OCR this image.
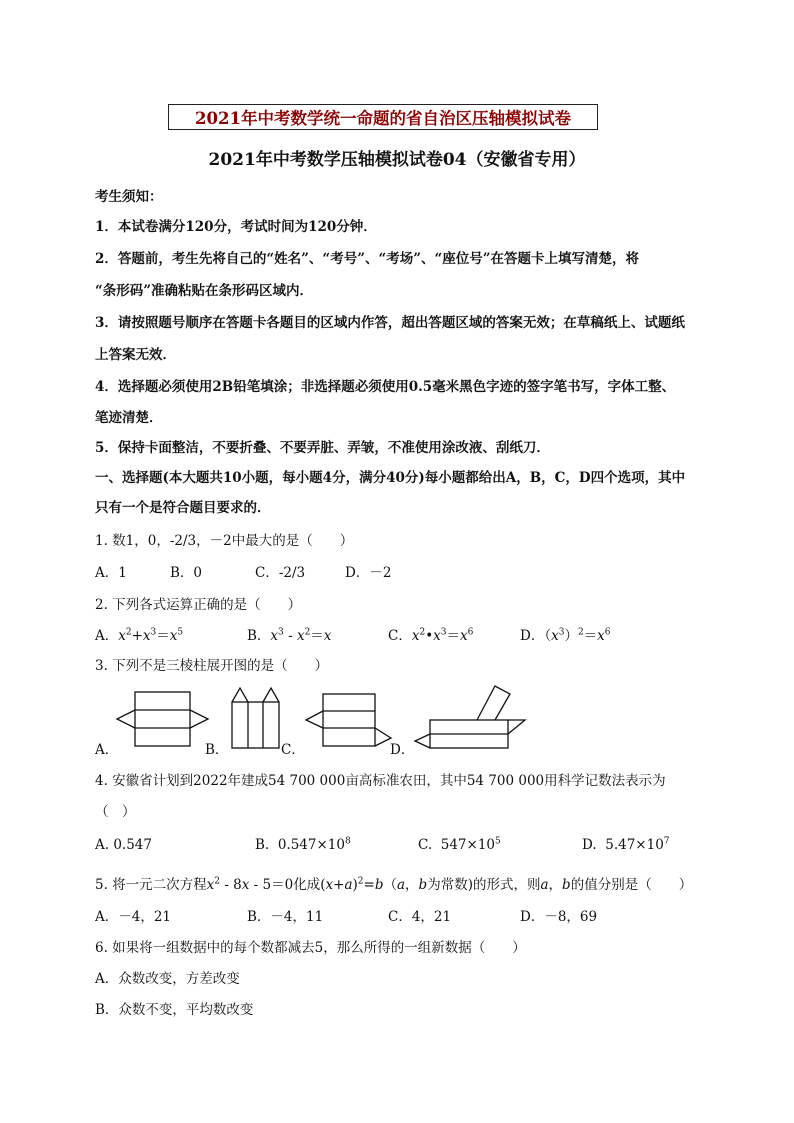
2021年中考数学统一命题的省自治区压轴模拟试卷
2021年中考数学压轴模拟试卷04（安徽省专用）
考生须知：
1．本试卷满分120分，考试时间为120分钟．
2．答题前，考生先将自己的“姓名”、“考号”、“考场”、“座位号”在答题卡上填写清楚，将
“条形码”准确粘贴在条形码区域内．
3．请按照题号顺序在答题卡各题目的区域内作答，超出答题区域的答案无效；在草稿纸上、试题纸
上答案无效．
4．选择题必须使用2B铅笔填涂；非选择题必须使用0.5毫米黑色字迹的签字笔书写，字体工整、
笔迹清楚．
5．保持卡面整洁，不要折叠、不要弄脏、弄皱，不准使用涂改液、刮纸刀．
一、选择题(本大题共10小题，每小题4分，满分40分)每小题都给出A，B，C，D四个选项，其中
只有一个是符合题目要求的．
1. 数1，0，-2/3，－2中最大的是（　　）
A．1	B．0	C．-2/3	D．－2
2. 下列各式运算正确的是（　　）
A．$x^2+x^3=x^5$	B．$x^3 - x^2=x$	C．$x^2•x^3=x^6$	D．$(x^3)^2=x^6$
3. 下列不是三棱柱展开图的是（　　）
A．	B．	C．	D．
4. 安徽省计划到2022年建成54 700 000亩高标准农田，其中54 700 000用科学记数法表示为
（　）
A. 0.547	B. $0.547\times 10^8$	C. $547\times 10^5$	D. $5.47\times 10^7$
5. 将一元二次方程$x^2 - 8x - 5=0$化成$(x+a)^2=b(a$，b为常数)的形式，则a，b的值分别是（　　）
A．－4，21	B．－4，11	C．4，21	D．－8，69
6. 如果将一组数据中的每个数都减去5，那么所得的一组新数据（　　）
A．众数改变，方差改变
B．众数不变，平均数改变
